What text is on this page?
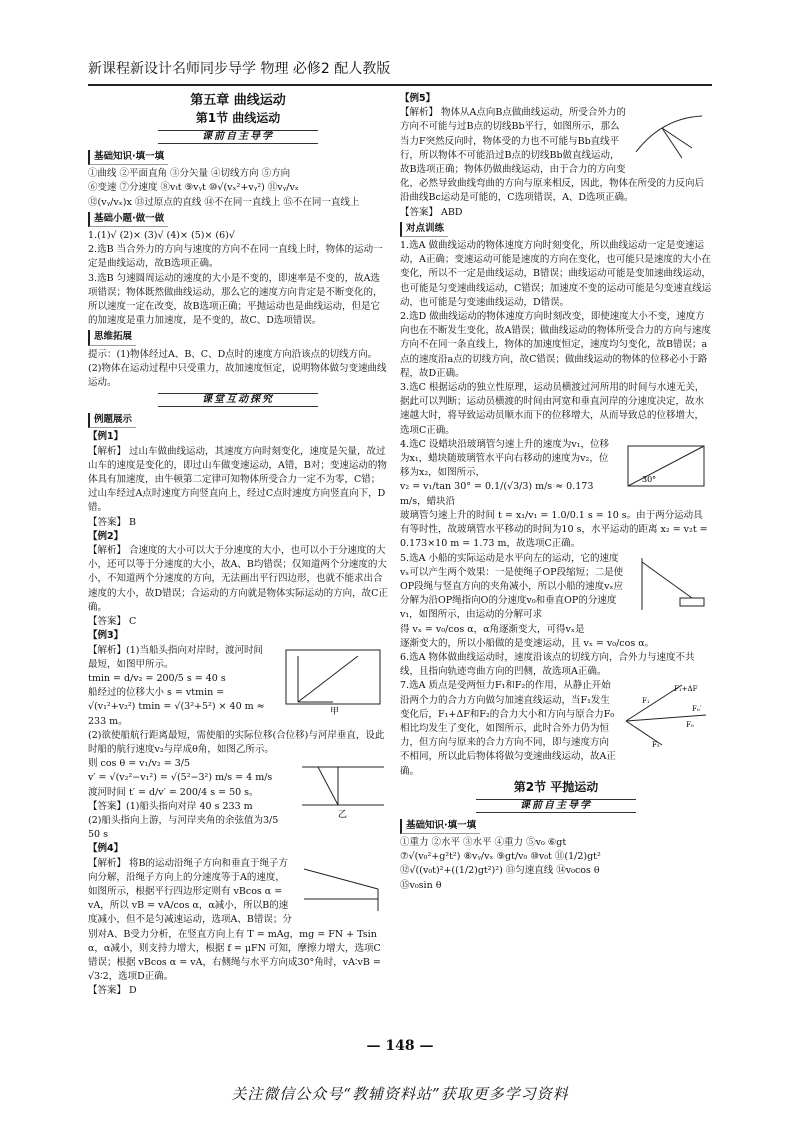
新课程新设计名师同步导学 物理 必修2 配人教版
第五章 曲线运动
第1节 曲线运动
课前自主导学
基础知识·填一填

①曲线 ②平面直角 ③分矢量 ④切线方向 ⑤方向

⑥变速 ⑦分速度 ⑧vₜt ⑨vᵧt ⑩√(vₓ²+vᵧ²) ⑪vᵧ/vₓ

⑫(vᵧ/vₓ)x ⑬过原点的直线 ⑭不在同一直线上 ⑮不在同一直线上

基础小题·做一做

1.(1)√ (2)× (3)√ (4)× (5)× (6)√

2.选B 当合外力的方向与速度的方向不在同一直线上时，物体的运动一定是曲线运动，故B选项正确。

3.选B 匀速圆周运动的速度的大小是不变的，即速率是不变的，故A选项错误；物体既然做曲线运动，那么它的速度方向肯定是不断变化的，所以速度一定在改变，故B选项正确；平抛运动也是曲线运动，但是它的加速度是重力加速度，是不变的，故C、D选项错误。

思维拓展

提示：(1)物体经过A、B、C、D点时的速度方向沿该点的切线方向。

(2)物体在运动过程中只受重力，故加速度恒定，说明物体做匀变速曲线运动。

课堂互动探究
例题展示

【例1】

【解析】 过山车做曲线运动，其速度方向时刻变化，速度是矢量，故过山车的速度是变化的，即过山车做变速运动，A错，B对；变速运动的物体具有加速度，由牛顿第二定律可知物体所受合力一定不为零，C错；过山车经过A点时速度方向竖直向上，经过C点时速度方向竖直向下，D错。

【答案】 B

【例2】

【解析】 合速度的大小可以大于分速度的大小，也可以小于分速度的大小，还可以等于分速度的大小，故A、B均错误；仅知道两个分速度的大小，不知道两个分速度的方向，无法画出平行四边形，也就不能求出合速度的大小，故D错误；合运动的方向就是物体实际运动的方向，故C正确。

【答案】 C

【例3】

甲

【解析】(1)当船头指向对岸时，渡河时间最短，如图甲所示。

tmin = d/v₂ = 200/5 s = 40 s

船经过的位移大小 s = vtmin = √(v₁²+v₂²) tmin = √(3²+5²) × 40 m ≈ 233 m。

(2)欲使船航行距离最短，需使船的实际位移(合位移)与河岸垂直，设此时船的航行速度v₂与岸成θ角，如图乙所示。

乙

则 cos θ = v₁/v₂ = 3/5

v′ = √(v₂²−v₁²) = √(5²−3²) m/s = 4 m/s

渡河时间 t′ = d/v′ = 200/4 s = 50 s。

【答案】(1)船头指向对岸 40 s 233 m

(2)船头指向上游，与河岸夹角的余弦值为3/5 50 s

【例4】

【解析】 将B的运动沿绳子方向和垂直于绳子方向分解，沿绳子方向上的分速度等于A的速度，如图所示，根据平行四边形定则有 vBcos α = vA，所以 vB = vA/cos α，α减小，所以B的速度减小，但不是匀减速运动，选项A、B错误；分别对A、B受力分析，在竖直方向上有 T = mAg，mg = FN + Tsin α，α减小，则支持力增大，根据 f = μFN 可知，摩擦力增大，选项C错误；根据 vBcos α = vA，右侧绳与水平方向成30°角时，vA∶vB = √3∶2，选项D正确。

【答案】 D

【例5】

【解析】 物体从A点向B点做曲线运动，所受合外力的方向不可能与过B点的切线Bb平行，如图所示，那么当力F突然反向时，物体受的力也不可能与Bb直线平行，所以物体不可能沿过B点的切线Bb做直线运动，故B选项正确；物体仍做曲线运动，由于合力的方向变化，必然导致曲线弯曲的方向与原来相反，因此，物体在所受的力反向后沿曲线Bc运动是可能的，C选项错误，A、D选项正确。

【答案】 ABD

对点训练

1.选A 做曲线运动的物体速度方向时刻变化，所以曲线运动一定是变速运动，A正确；变速运动可能是速度的方向在变化，也可能只是速度的大小在变化，所以不一定是曲线运动，B错误；曲线运动可能是变加速曲线运动，也可能是匀变速曲线运动，C错误；加速度不变的运动可能是匀变速直线运动，也可能是匀变速曲线运动，D错误。

2.选D 做曲线运动的物体速度方向时刻改变，即使速度大小不变，速度方向也在不断发生变化，故A错误；做曲线运动的物体所受合力的方向与速度方向不在同一条直线上，物体的加速度恒定，速度均匀变化，故B错误；a点的速度沿a点的切线方向，故C错误；做曲线运动的物体的位移必小于路程，故D正确。

3.选C 根据运动的独立性原理，运动员横渡过河所用的时间与水速无关，据此可以判断；运动员横渡的时间由河宽和垂直河岸的分速度决定，故水速越大时，将导致运动员顺水而下的位移增大，从而导致总的位移增大，选项C正确。

30°

4.选C 设蜡块沿玻璃管匀速上升的速度为v₁，位移为x₁，蜡块随玻璃管水平向右移动的速度为v₂，位移为x₂，如图所示，

v₂ = v₁/tan 30° = 0.1/(√3/3) m/s ≈ 0.173 m/s，蜡块沿

玻璃管匀速上升的时间 t = x₁/v₁ = 1.0/0.1 s = 10 s。由于两分运动具有等时性，故玻璃管水平移动的时间为10 s，水平运动的距离 x₂ = v₂t = 0.173×10 m = 1.73 m，故选项C正确。

5.选A 小船的实际运动是水平向左的运动，它的速度vₓ可以产生两个效果：一是使绳子OP段缩短；二是使OP段绳与竖直方向的夹角减小，所以小船的速度vₓ应分解为沿OP绳指向O的分速度v₀和垂直OP的分速度v₁，如图所示，由运动的分解可求

得 vₓ = v₀/cos α，α角逐渐变大，可得vₓ是

逐渐变大的，所以小船做的是变速运动，且 vₓ = v₀/cos α。

6.选A 物体做曲线运动时，速度沿该点的切线方向，合外力与速度不共线，且指向轨迹弯曲方向的凹侧，故选项A正确。

F₁+ΔF
F₁
F₀′
F₀
F₂

7.选A 质点是受两恒力F₁和F₂的作用，从静止开始沿两个力的合力方向做匀加速直线运动，当F₁发生变化后，F₁+ΔF和F₂的合力大小和方向与原合力F₀相比均发生了变化，如图所示，此时合外力仍为恒力，但方向与原来的合力方向不同，即与速度方向不相同，所以此后物体将做匀变速曲线运动，故A正确。

第2节 平抛运动
课前自主导学
基础知识·填一填

①重力 ②水平 ③水平 ④重力 ⑤v₀ ⑥gt

⑦√(v₀²+g²t²) ⑧vᵧ/vₓ ⑨gt/v₀ ⑩v₀t ⑪(1/2)gt²

⑫√((v₀t)²+((1/2)gt²)²) ⑬匀速直线 ⑭v₀cos θ

⑮v₀sin θ

— 148 —
关注微信公众号“教辅资料站”获取更多学习资料
